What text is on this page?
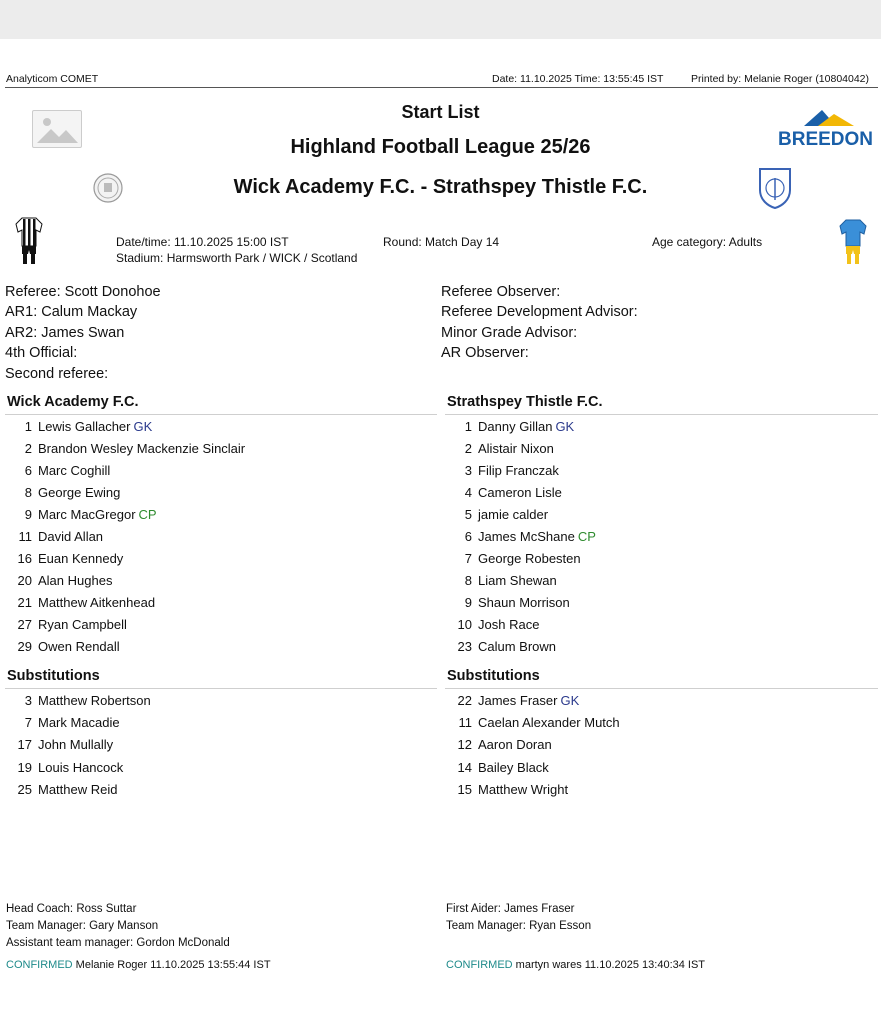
Analyticom COMET	Date: 11.10.2025 Time: 13:55:45 IST	Printed by: Melanie Roger (10804042)
Start List
Highland Football League 25/26
Wick Academy F.C. - Strathspey Thistle F.C.
BREEDON
Date/time: 11.10.2025 15:00 IST
Stadium: Harmsworth Park / WICK / Scotland
Round: Match Day 14	Age category: Adults
Referee: Scott Donohoe
AR1: Calum Mackay
AR2: James Swan
4th Official:
Second referee:
Referee Observer:
Referee Development Advisor:
Minor Grade Advisor:
AR Observer:
Wick Academy F.C.	Strathspey Thistle F.C.
1 Lewis Gallacher GK
2 Brandon Wesley Mackenzie Sinclair
6 Marc Coghill
8 George Ewing
9 Marc MacGregor CP
11 David Allan
16 Euan Kennedy
20 Alan Hughes
21 Matthew Aitkenhead
27 Ryan Campbell
29 Owen Rendall
1 Danny Gillan GK
2 Alistair Nixon
3 Filip Franczak
4 Cameron Lisle
5 jamie calder
6 James McShane CP
7 George Robesten
8 Liam Shewan
9 Shaun Morrison
10 Josh Race
23 Calum Brown
Substitutions	Substitutions
3 Matthew Robertson
7 Mark Macadie
17 John Mullally
19 Louis Hancock
25 Matthew Reid
22 James Fraser GK
11 Caelan Alexander Mutch
12 Aaron Doran
14 Bailey Black
15 Matthew Wright
Head Coach: Ross Suttar
Team Manager: Gary Manson
Assistant team manager: Gordon McDonald
CONFIRMED Melanie Roger 11.10.2025 13:55:44 IST
First Aider: James Fraser
Team Manager: Ryan Esson
CONFIRMED martyn wares 11.10.2025 13:40:34 IST
